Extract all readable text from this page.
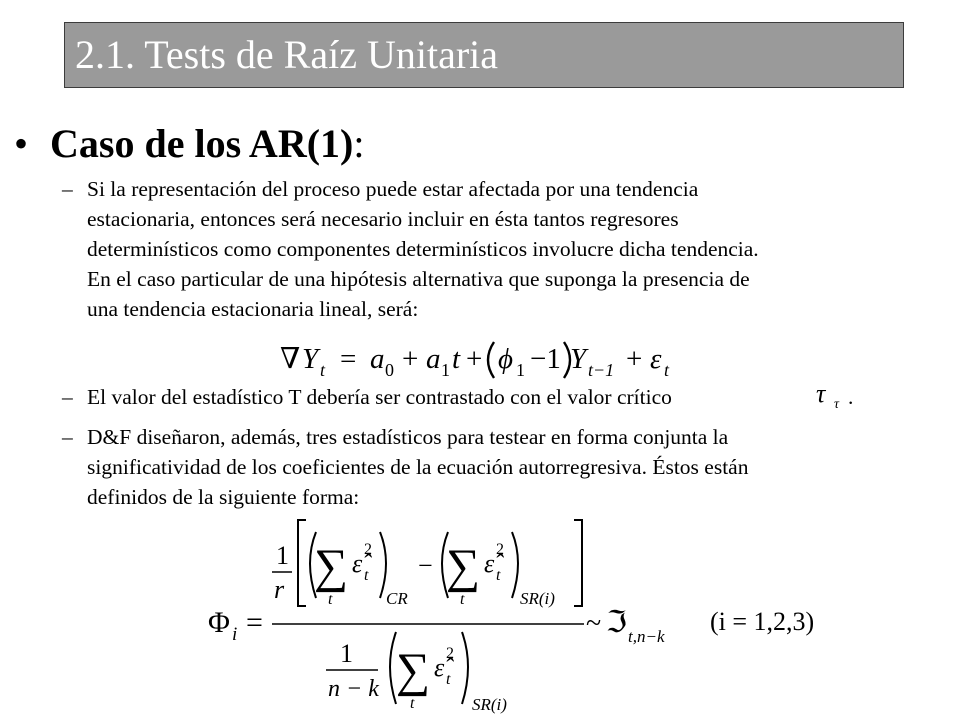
2.1. Tests de Raíz Unitaria
• Caso de los AR(1):
– Si la representación del proceso puede estar afectada por una tendencia
estacionaria, entonces será necesario incluir en ésta tantos regresores
determinísticos como componentes determinísticos involucre dicha tendencia.
En el caso particular de una hipótesis alternativa que suponga la presencia de
una tendencia estacionaria lineal, será:
∇ Y t = a 0 + a 1 t + ϕ 1 −1 Y t−1 + ε t
– El valor del estadístico T debería ser contrastado con el valor crítico	τ τ .
– D&F diseñaron, además, tres estadísticos para testear en forma conjunta la
significatividad de los coeficientes de la ecuación autorregresiva. Éstos están
definidos de la siguiente forma:
Φ i =
1
r ∑
t
ε̂ 2
t
CR
− ∑
t
ε̂ 2
t
SR(i)
1
n − k ∑
t
ε̂ 2
t
SR(i)
~ ℑ t,n−k
(i = 1,2,3)
